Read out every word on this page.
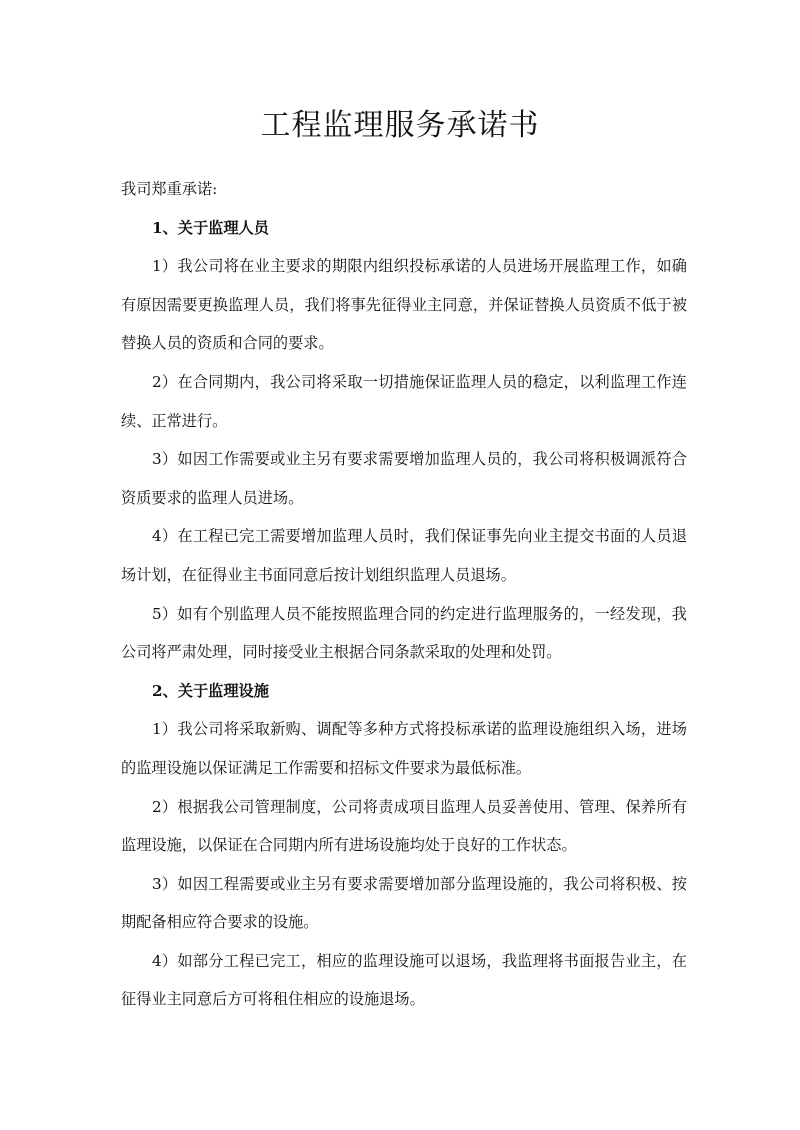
工程监理服务承诺书

我司郑重承诺:

1、关于监理人员

1）我公司将在业主要求的期限内组织投标承诺的人员进场开展监理工作，如确有原因需要更换监理人员，我们将事先征得业主同意，并保证替换人员资质不低于被替换人员的资质和合同的要求。

2）在合同期内，我公司将采取一切措施保证监理人员的稳定，以利监理工作连续、正常进行。

3）如因工作需要或业主另有要求需要增加监理人员的，我公司将积极调派符合资质要求的监理人员进场。

4）在工程已完工需要增加监理人员时，我们保证事先向业主提交书面的人员退场计划，在征得业主书面同意后按计划组织监理人员退场。

5）如有个别监理人员不能按照监理合同的约定进行监理服务的，一经发现，我公司将严肃处理，同时接受业主根据合同条款采取的处理和处罚。

2、关于监理设施

1）我公司将采取新购、调配等多种方式将投标承诺的监理设施组织入场，进场的监理设施以保证满足工作需要和招标文件要求为最低标准。

2）根据我公司管理制度，公司将责成项目监理人员妥善使用、管理、保养所有监理设施，以保证在合同期内所有进场设施均处于良好的工作状态。

3）如因工程需要或业主另有要求需要增加部分监理设施的，我公司将积极、按期配备相应符合要求的设施。

4）如部分工程已完工，相应的监理设施可以退场，我监理将书面报告业主，在征得业主同意后方可将租住相应的设施退场。
